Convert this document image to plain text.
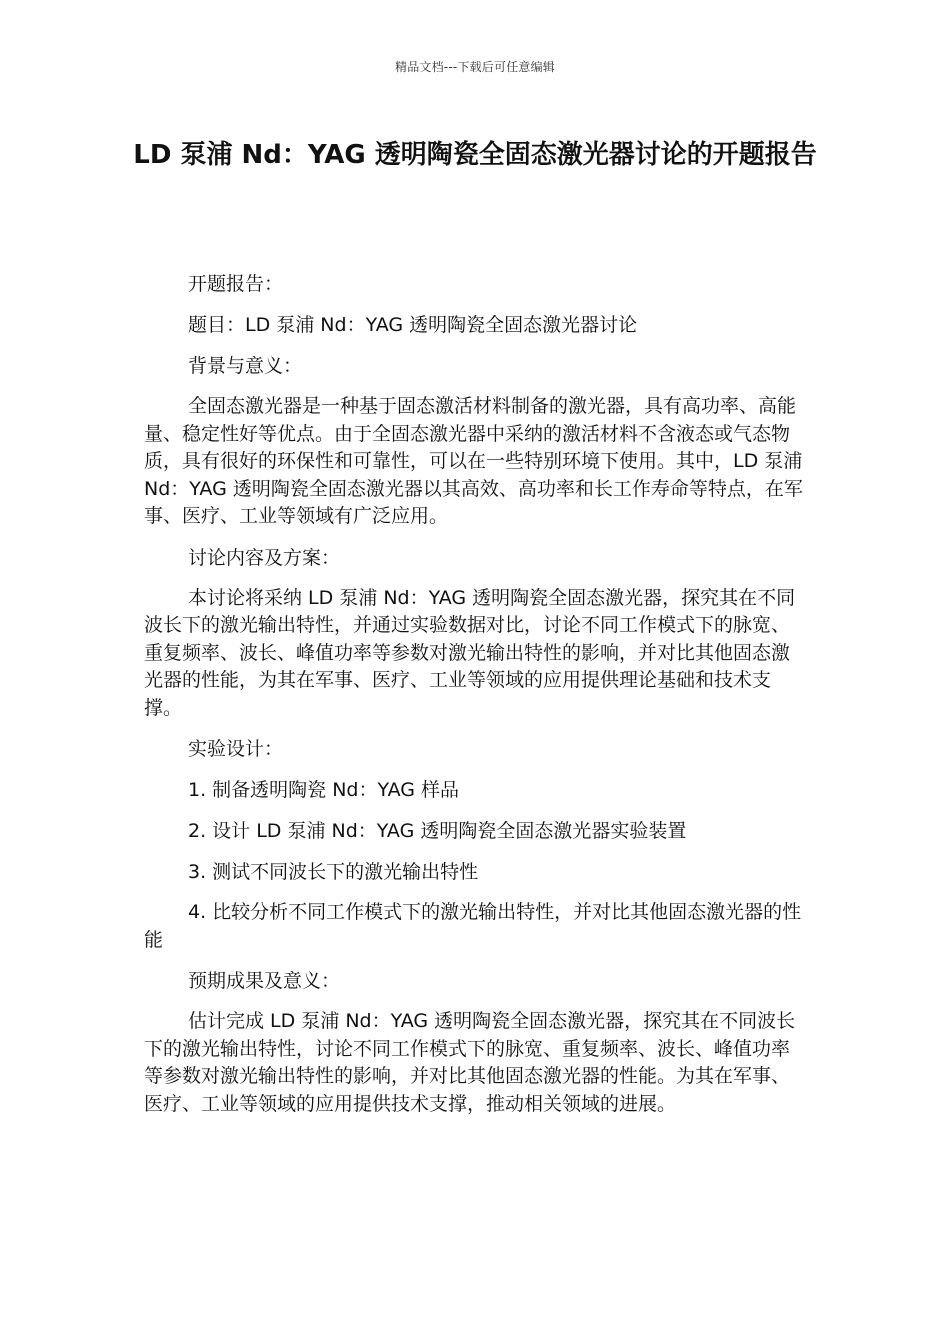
精品文档---下载后可任意编辑
LD 泵浦 Nd：YAG 透明陶瓷全固态激光器讨论的开题报告

开题报告：

题目：LD 泵浦 Nd：YAG 透明陶瓷全固态激光器讨论

背景与意义：

全固态激光器是一种基于固态激活材料制备的激光器，具有高功率、高能量、稳定性好等优点。由于全固态激光器中采纳的激活材料不含液态或气态物质，具有很好的环保性和可靠性，可以在一些特别环境下使用。其中，LD 泵浦 Nd：YAG 透明陶瓷全固态激光器以其高效、高功率和长工作寿命等特点，在军事、医疗、工业等领域有广泛应用。

讨论内容及方案：

本讨论将采纳 LD 泵浦 Nd：YAG 透明陶瓷全固态激光器，探究其在不同波长下的激光输出特性，并通过实验数据对比，讨论不同工作模式下的脉宽、重复频率、波长、峰值功率等参数对激光输出特性的影响，并对比其他固态激光器的性能，为其在军事、医疗、工业等领域的应用提供理论基础和技术支撑。

实验设计：

1. 制备透明陶瓷 Nd：YAG 样品

2. 设计 LD 泵浦 Nd：YAG 透明陶瓷全固态激光器实验装置

3. 测试不同波长下的激光输出特性

4. 比较分析不同工作模式下的激光输出特性，并对比其他固态激光器的性能

预期成果及意义：

估计完成 LD 泵浦 Nd：YAG 透明陶瓷全固态激光器，探究其在不同波长下的激光输出特性，讨论不同工作模式下的脉宽、重复频率、波长、峰值功率等参数对激光输出特性的影响，并对比其他固态激光器的性能。为其在军事、医疗、工业等领域的应用提供技术支撑，推动相关领域的进展。
